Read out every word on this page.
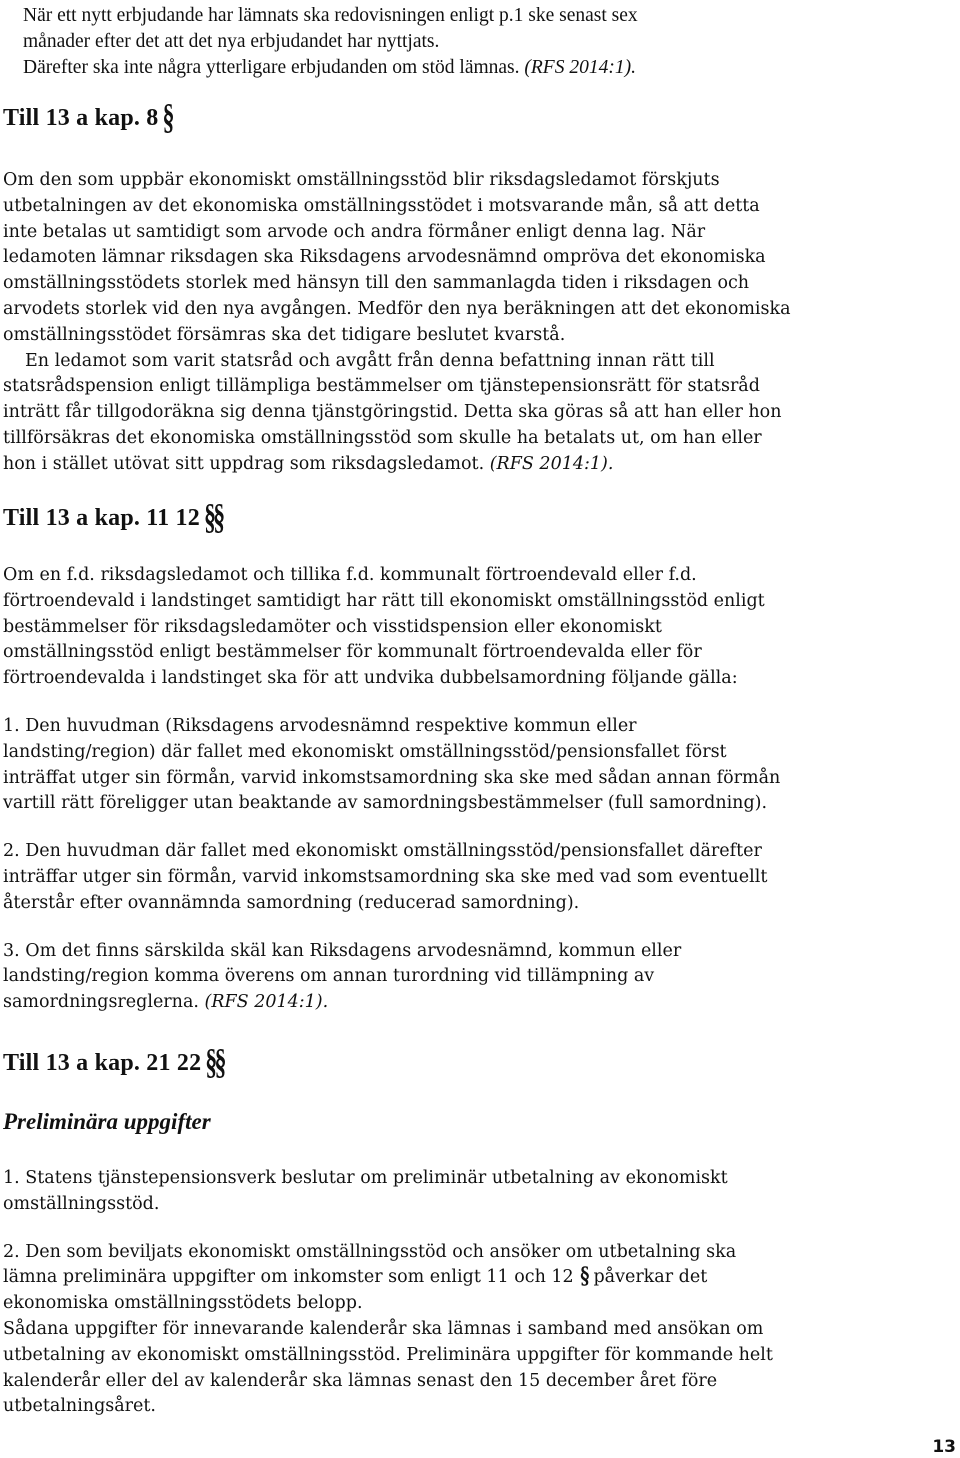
När ett nytt erbjudande har lämnats ska redovisningen enligt p.1 ske senast sex

månader efter det att det nya erbjudandet har nyttjats.

Därefter ska inte några ytterligare erbjudanden om stöd lämnas. (RFS 2014:1).

Till 13 a kap. 8 §

Om den som uppbär ekonomiskt omställningsstöd blir riksdagsledamot förskjuts

utbetalningen av det ekonomiska omställningsstödet i motsvarande mån, så att detta

inte betalas ut samtidigt som arvode och andra förmåner enligt denna lag. När

ledamoten lämnar riksdagen ska Riksdagens arvodesnämnd ompröva det ekonomiska

omställningsstödets storlek med hänsyn till den sammanlagda tiden i riksdagen och

arvodets storlek vid den nya avgången. Medför den nya beräkningen att det ekonomiska

omställningsstödet försämras ska det tidigare beslutet kvarstå.

En ledamot som varit statsråd och avgått från denna befattning innan rätt till

statsrådspension enligt tillämpliga bestämmelser om tjänstepensionsrätt för statsråd

inträtt får tillgodoräkna sig denna tjänstgöringstid. Detta ska göras så att han eller hon

tillförsäkras det ekonomiska omställningsstöd som skulle ha betalats ut, om han eller

hon i stället utövat sitt uppdrag som riksdagsledamot. (RFS 2014:1).

Till 13 a kap. 11 12 §§

Om en f.d. riksdagsledamot och tillika f.d. kommunalt förtroendevald eller f.d.

förtroendevald i landstinget samtidigt har rätt till ekonomiskt omställningsstöd enligt

bestämmelser för riksdagsledamöter och visstidspension eller ekonomiskt

omställningsstöd enligt bestämmelser för kommunalt förtroendevalda eller för

förtroendevalda i landstinget ska för att undvika dubbelsamordning följande gälla:

1. Den huvudman (Riksdagens arvodesnämnd respektive kommun eller

landsting/region) där fallet med ekonomiskt omställningsstöd/pensionsfallet först

inträffat utger sin förmån, varvid inkomstsamordning ska ske med sådan annan förmån

vartill rätt föreligger utan beaktande av samordningsbestämmelser (full samordning).

2. Den huvudman där fallet med ekonomiskt omställningsstöd/pensionsfallet därefter

inträffar utger sin förmån, varvid inkomstsamordning ska ske med vad som eventuellt

återstår efter ovannämnda samordning (reducerad samordning).

3. Om det finns särskilda skäl kan Riksdagens arvodesnämnd, kommun eller

landsting/region komma överens om annan turordning vid tillämpning av

samordningsreglerna. (RFS 2014:1).

Till 13 a kap. 21 22 §§
Preliminära uppgifter

1. Statens tjänstepensionsverk beslutar om preliminär utbetalning av ekonomiskt

omställningsstöd.

2. Den som beviljats ekonomiskt omställningsstöd och ansöker om utbetalning ska

lämna preliminära uppgifter om inkomster som enligt 11 och 12 § påverkar det

ekonomiska omställningsstödets belopp.

Sådana uppgifter för innevarande kalenderår ska lämnas i samband med ansökan om

utbetalning av ekonomiskt omställningsstöd. Preliminära uppgifter för kommande helt

kalenderår eller del av kalenderår ska lämnas senast den 15 december året före

utbetalningsåret.

13
